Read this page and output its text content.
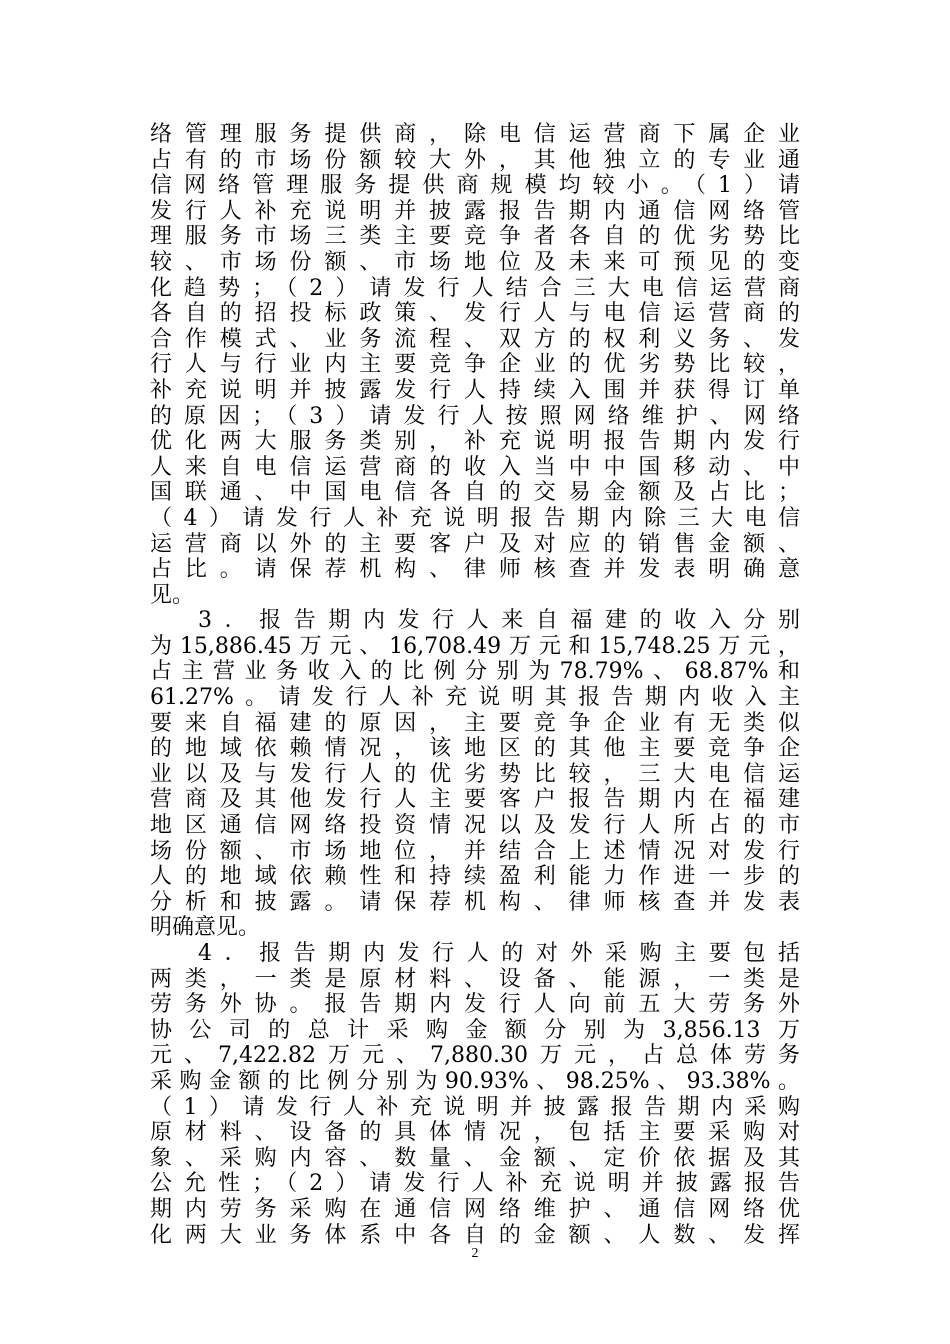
络管理服务提供商，除电信运营商下属企业
占有的市场份额较大外，其他独立的专业通
信网络管理服务提供商规模均较小。（1）请
发行人补充说明并披露报告期内通信网络管
理服务市场三类主要竞争者各自的优劣势比
较、市场份额、市场地位及未来可预见的变
化趋势；（2）请发行人结合三大电信运营商
各自的招投标政策、发行人与电信运营商的
合作模式、业务流程、双方的权利义务、发
行人与行业内主要竞争企业的优劣势比较，
补充说明并披露发行人持续入围并获得订单
的原因；（3）请发行人按照网络维护、网络
优化两大服务类别，补充说明报告期内发行
人来自电信运营商的收入当中中国移动、中
国联通、中国电信各自的交易金额及占比；
（4）请发行人补充说明报告期内除三大电信
运营商以外的主要客户及对应的销售金额、
占比。请保荐机构、律师核查并发表明确意
见。
3．报告期内发行人来自福建的收入分别
为15,886.45万元、16,708.49万元和15,748.25万元，
占主营业务收入的比例分别为78.79%、68.87%和
61.27%。请发行人补充说明其报告期内收入主
要来自福建的原因，主要竞争企业有无类似
的地域依赖情况，该地区的其他主要竞争企
业以及与发行人的优劣势比较，三大电信运
营商及其他发行人主要客户报告期内在福建
地区通信网络投资情况以及发行人所占的市
场份额、市场地位，并结合上述情况对发行
人的地域依赖性和持续盈利能力作进一步的
分析和披露。请保荐机构、律师核查并发表
明确意见。
4．报告期内发行人的对外采购主要包括
两类，一类是原材料、设备、能源，一类是
劳务外协。报告期内发行人向前五大劳务外
协公司的总计采购金额分别为3,856.13万
元、7,422.82万元、7,880.30万元，占总体劳务
采购金额的比例分别为90.93%、98.25%、93.38%。
（1）请发行人补充说明并披露报告期内采购
原材料、设备的具体情况，包括主要采购对
象、采购内容、数量、金额、定价依据及其
公允性；（2）请发行人补充说明并披露报告
期内劳务采购在通信网络维护、通信网络优
化两大业务体系中各自的金额、人数、发挥
2
